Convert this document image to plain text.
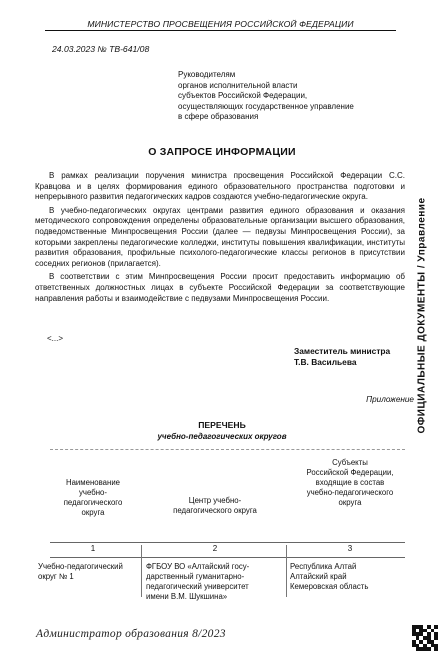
МИНИСТЕРСТВО ПРОСВЕЩЕНИЯ РОССИЙСКОЙ ФЕДЕРАЦИИ
24.03.2023 № ТВ-641/08
Руководителям
органов исполнительной власти
субъектов Российской Федерации,
осуществляющих государственное управление
в сфере образования
О ЗАПРОСЕ ИНФОРМАЦИИ

В рамках реализации поручения министра просвещения Российской Федерации С.С. Кравцова и в целях формирования единого образовательного пространства подготовки и непрерывного развития педагогических кадров создаются учебно-педагогические округа.

В учебно-педагогических округах центрами развития единого образования и оказания методического сопровождения определены образовательные организации высшего образования, подведомственные Минпросвещения России (далее — педвузы Минпросвещения России), за которыми закреплены педагогические колледжи, институты повышения квалификации, институты развития образования, профильные психолого-педагогические классы регионов в присутствии соседних регионов (прилагается).

В соответствии с этим Минпросвещения России просит предоставить информацию об ответственных должностных лицах в субъекте Российской Федерации за соответствующие направления работы и взаимодействие с педвузами Минпросвещения России.

<...>
Заместитель министра
Т.В. Васильева
Приложение
ПЕРЕЧЕНЬ
учебно-педагогических округов
Наименование
учебно-
педагогического
округа
Центр учебно-
педагогического округа
Субъекты
Российской Федерации,
входящие в состав
учебно-педагогического
округа
1	2	3
Учебно-педагогический
округ № 1
ФГБОУ ВО «Алтайский госу-
дарственный гуманитарно-
педагогический университет
имени В.М. Шукшина»
Республика Алтай
Алтайский край
Кемеровская область
ОФИЦИАЛЬНЫЕ ДОКУМЕНТЫ / Управление
Администратор образования 8/2023
